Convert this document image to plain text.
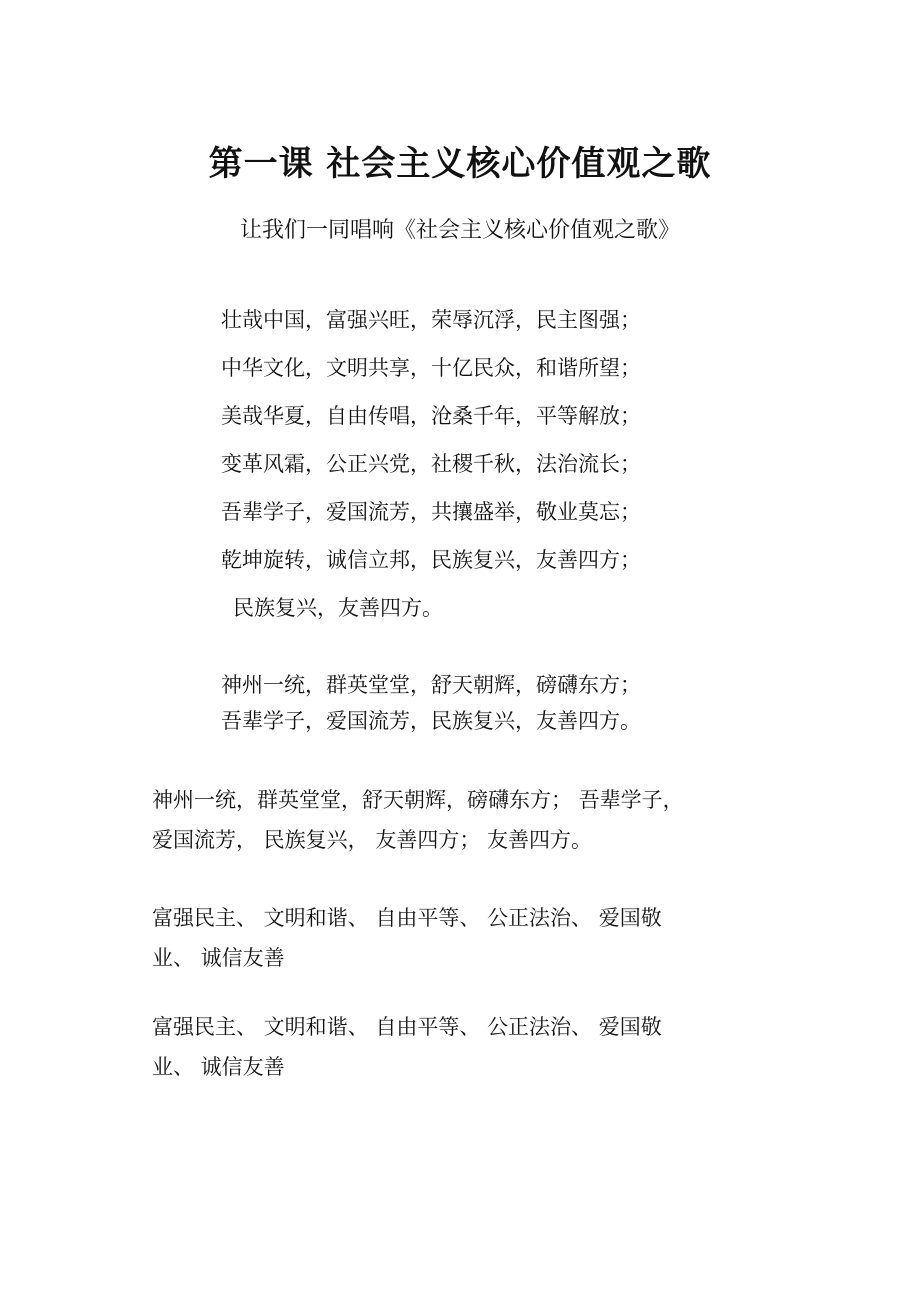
第一课 社会主义核心价值观之歌
让我们一同唱响《社会主义核心价值观之歌》
壮哉中国，富强兴旺，荣辱沉浮，民主图强；
中华文化，文明共享，十亿民众，和谐所望；
美哉华夏，自由传唱，沧桑千年，平等解放；
变革风霜，公正兴党，社稷千秋，法治流长；
吾辈学子，爱国流芳，共攘盛举，敬业莫忘；
乾坤旋转，诚信立邦，民族复兴，友善四方；
民族复兴，友善四方。
神州一统，群英堂堂，舒天朝辉，磅礴东方；
吾辈学子，爱国流芳，民族复兴，友善四方。
神州一统，群英堂堂，舒天朝辉，磅礴东方； 吾辈学子，
爱国流芳， 民族复兴， 友善四方； 友善四方。
富强民主、 文明和谐、 自由平等、 公正法治、 爱国敬
业、 诚信友善
富强民主、 文明和谐、 自由平等、 公正法治、 爱国敬
业、 诚信友善
